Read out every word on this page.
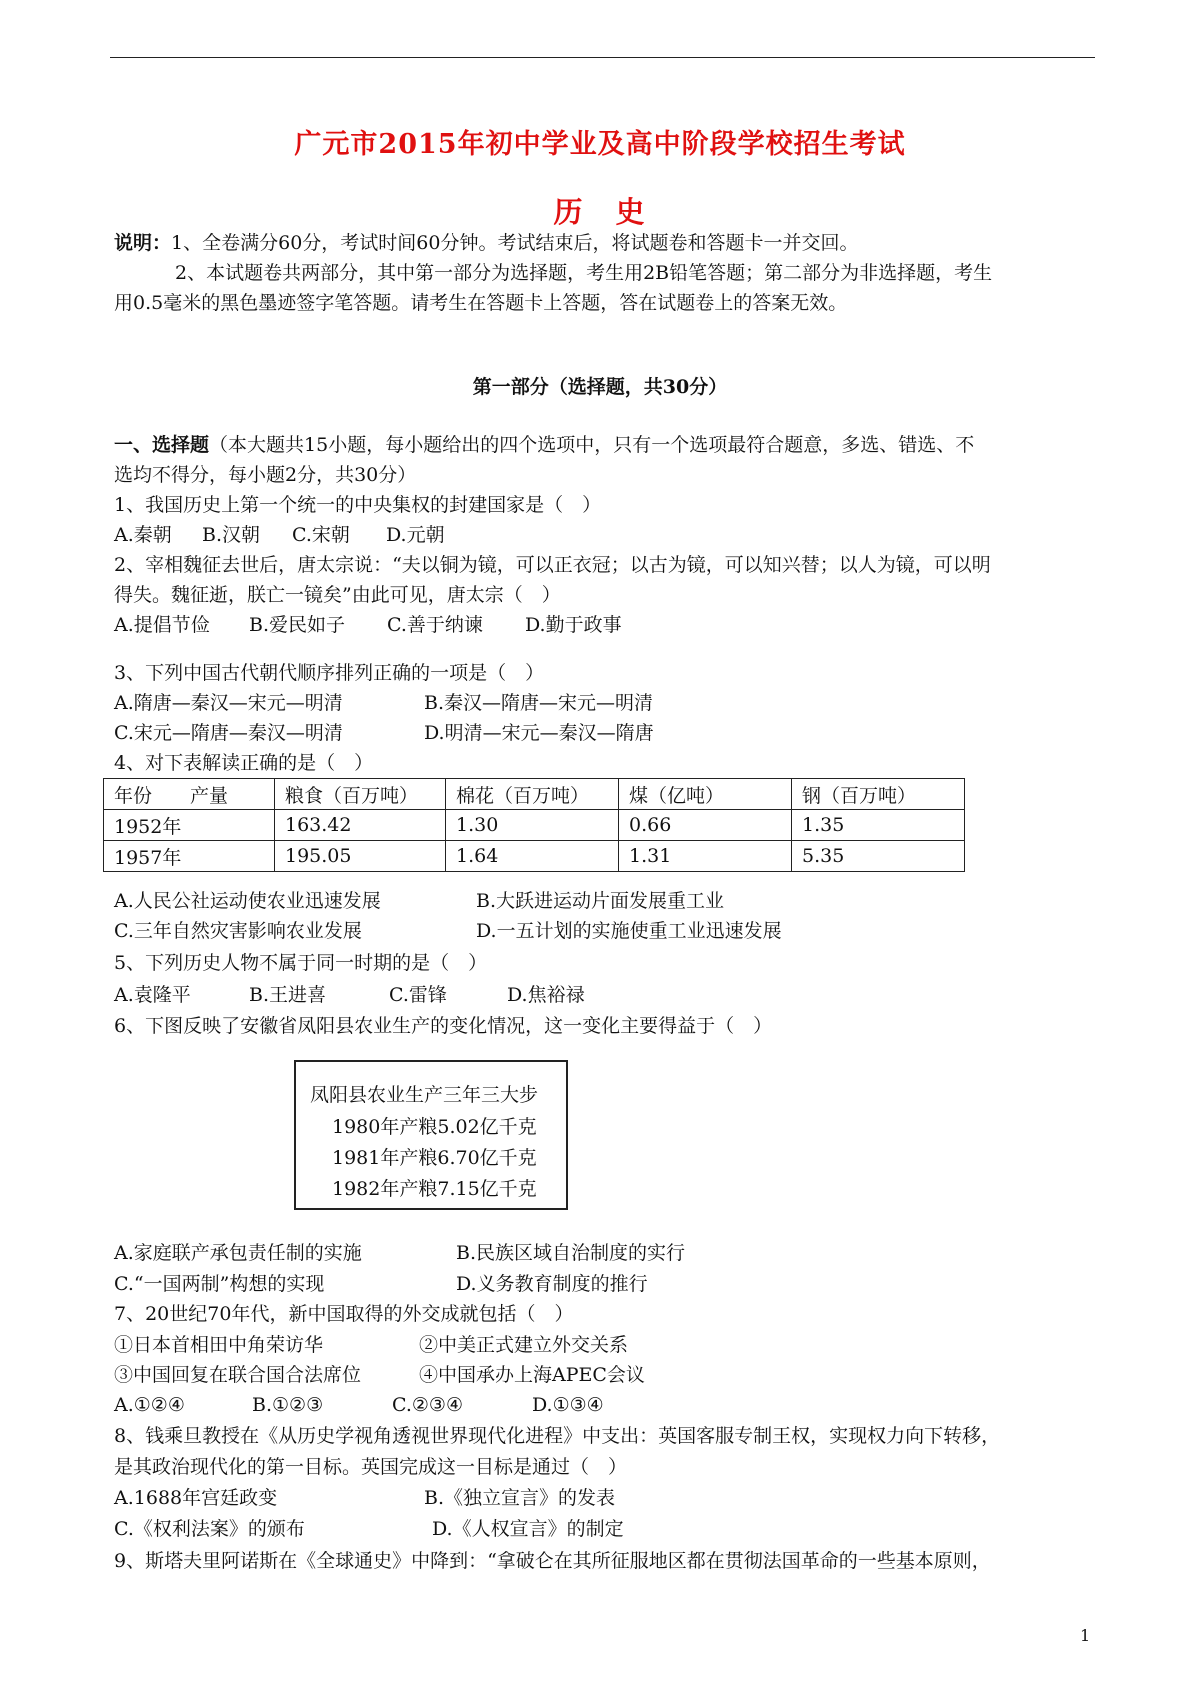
广元市2015年初中学业及高中阶段学校招生考试
历　史
说明：1、全卷满分60分，考试时间60分钟。考试结束后，将试题卷和答题卡一并交回。
2、本试题卷共两部分，其中第一部分为选择题，考生用2B铅笔答题；第二部分为非选择题，考生
用0.5毫米的黑色墨迹签字笔答题。请考生在答题卡上答题，答在试题卷上的答案无效。
第一部分（选择题，共30分）
一、选择题（本大题共15小题，每小题给出的四个选项中，只有一个选项最符合题意，多选、错选、不
选均不得分，每小题2分，共30分）
1、我国历史上第一个统一的中央集权的封建国家是（　）
A.秦朝 B.汉朝 C.宋朝 D.元朝
2、宰相魏征去世后，唐太宗说：“夫以铜为镜，可以正衣冠；以古为镜，可以知兴替；以人为镜，可以明
得失。魏征逝，朕亡一镜矣”由此可见，唐太宗（　）
A.提倡节俭 B.爱民如子 C.善于纳谏 D.勤于政事
3、下列中国古代朝代顺序排列正确的一项是（　）
A.隋唐—秦汉—宋元—明清	B.秦汉—隋唐—宋元—明清
C.宋元—隋唐—秦汉—明清	D.明清—宋元—秦汉—隋唐
4、对下表解读正确的是（　）
年份 产量	粮食（百万吨）	棉花（百万吨）	煤（亿吨）	钢（百万吨）
1952年	163.42	1.30	0.66	1.35
1957年	195.05	1.64	1.31	5.35
A.人民公社运动使农业迅速发展	B.大跃进运动片面发展重工业
C.三年自然灾害影响农业发展	D.一五计划的实施使重工业迅速发展
5、下列历史人物不属于同一时期的是（　）
A.袁隆平	B.王进喜	C.雷锋	D.焦裕禄
6、下图反映了安徽省凤阳县农业生产的变化情况，这一变化主要得益于（　）
凤阳县农业生产三年三大步
1980年产粮5.02亿千克
1981年产粮6.70亿千克
1982年产粮7.15亿千克
A.家庭联产承包责任制的实施	B.民族区域自治制度的实行
C.“一国两制”构想的实现	D.义务教育制度的推行
7、20世纪70年代，新中国取得的外交成就包括（　）
①日本首相田中角荣访华	②中美正式建立外交关系
③中国回复在联合国合法席位	④中国承办上海APEC会议
A.①②④	B.①②③	C.②③④	D.①③④
8、钱乘旦教授在《从历史学视角透视世界现代化进程》中支出：英国客服专制王权，实现权力向下转移，
是其政治现代化的第一目标。英国完成这一目标是通过（　）
A.1688年宫廷政变	B.《独立宣言》的发表
C.《权利法案》的颁布	D.《人权宣言》的制定
9、斯塔夫里阿诺斯在《全球通史》中降到：“拿破仑在其所征服地区都在贯彻法国革命的一些基本原则，
1
